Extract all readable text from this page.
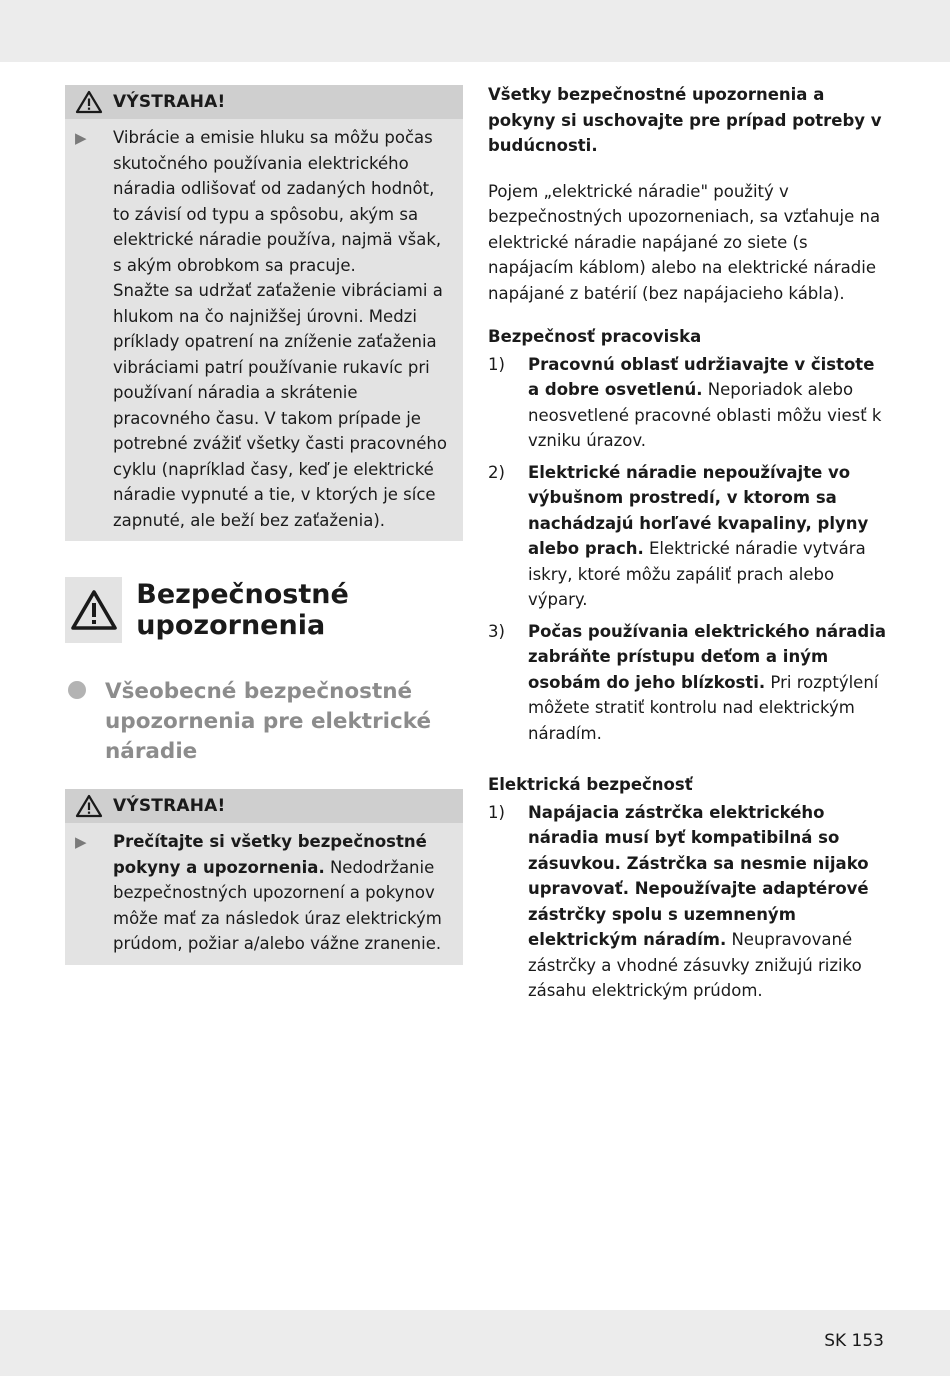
VÝSTRAHA!
▶	Vibrácie a emisie hluku sa môžu počas skutočného používania elektrického náradia odlišovať od zadaných hodnôt, to závisí od typu a spôsobu, akým sa elektrické náradie používa, najmä však, s akým obrobkom sa pracuje.

Snažte sa udržať zaťaženie vibráciami a hlukom na čo najnižšej úrovni. Medzi príklady opatrení na zníženie zaťaženia vibráciami patrí používanie rukavíc pri používaní náradia a skrátenie pracovného času. V takom prípade je potrebné zvážiť všetky časti pracovného cyklu (napríklad časy, keď je elektrické náradie vypnuté a tie, v ktorých je síce zapnuté, ale beží bez zaťaženia).

Bezpečnostné upozornenia
Všeobecné bezpečnostné upozornenia pre elektrické náradie
VÝSTRAHA!
▶	Prečítajte si všetky bezpečnostné pokyny a upozornenia. Nedodržanie bezpečnostných upozornení a pokynov môže mať za následok úraz elektrickým prúdom, požiar a/alebo vážne zranenie.
Všetky bezpečnostné upozornenia a pokyny si uschovajte pre prípad potreby v budúcnosti.
Pojem „elektrické náradie" použitý v bezpečnostných upozorneniach, sa vzťahuje na elektrické náradie napájané zo siete (s napájacím káblom) alebo na elektrické náradie napájané z batérií (bez napájacieho kábla).
Bezpečnosť pracoviska
1)	Pracovnú oblasť udržiavajte v čistote a dobre osvetlenú. Neporiadok alebo neosvetlené pracovné oblasti môžu viesť k vzniku úrazov.
2)	Elektrické náradie nepoužívajte vo výbušnom prostredí, v ktorom sa nachádzajú horľavé kvapaliny, plyny alebo prach. Elektrické náradie vytvára iskry, ktoré môžu zapáliť prach alebo výpary.
3)	Počas používania elektrického náradia zabráňte prístupu deťom a iným osobám do jeho blízkosti. Pri rozptýlení môžete stratiť kontrolu nad elektrickým náradím.
Elektrická bezpečnosť
1)	Napájacia zástrčka elektrického náradia musí byť kompatibilná so zásuvkou. Zástrčka sa nesmie nijako upravovať. Nepoužívajte adaptérové zástrčky spolu s uzemneným elektrickým náradím. Neupravované zástrčky a vhodné zásuvky znižujú riziko zásahu elektrickým prúdom.
SK 153
